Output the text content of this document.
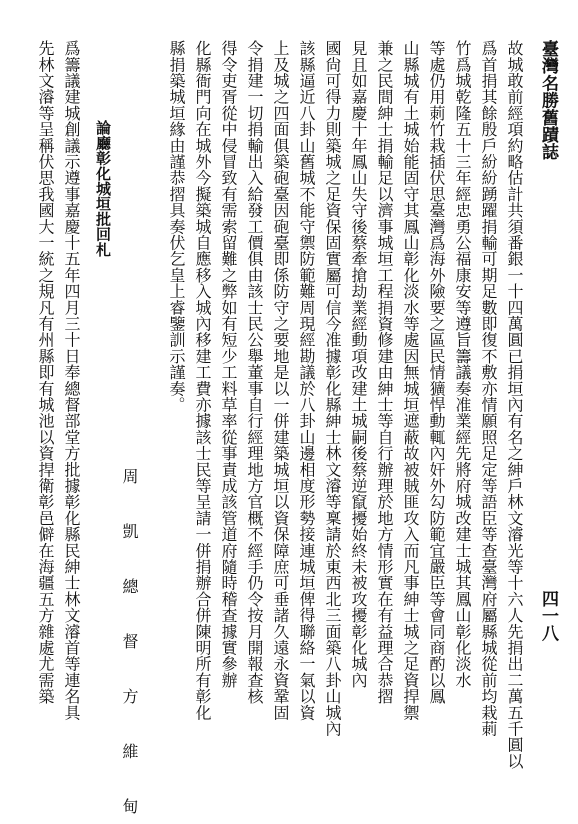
臺灣名勝舊蹟誌
四一八
故城敢前經項約略估計共須番銀一十四萬圓已捐垣內有名之紳戶林文濬光等十六人先捐出二萬五千圓以
爲首捐其餘殷戶紛紛踴躍捐輸可期足數即復不敷亦情願照足定等語臣等查臺灣府屬縣城從前均栽莿
竹爲城乾隆五十三年經忠勇公福康安等遵旨籌議奏准業經先將府城改建士城其鳳山彰化淡水
等處仍用莿竹栽插伏思臺灣爲海外險要之區民情獷悍動輒內奸外勾防範宜嚴臣等會同商酌以鳳
山縣城有土城始能固守其鳳山彰化淡水等處因無城垣遮蔽故被賊匪攻入而凡事紳士城之足資捍禦
兼之民間紳士捐輸足以濟事城垣工程捐資修建由紳士等自行辦理於地方情形實在有益理合恭摺
見且如嘉慶十年鳳山失守後蔡牽搶劫業經動項改建土城嗣後蔡逆竄擾始終未被攻擾彰化城內
國尙可得力則築城之足資保固實屬可信今准據彰化縣紳士林文濬等稟請於東西北三面築八卦山城內
該縣逼近八卦山舊城不能守禦防範難周現經勘議於八卦山邊相度形勢接連城垣俾得聯絡一氣以資
上及城之四面俱築砲臺因砲臺即係防守之要地是以一併建築城垣以資保障庶可垂諸久遠永資鞏固
令捐建一切捐輸出入給發工價俱由該士民公舉董事自行經理地方官概不經手仍令按月開報查核
得令吏胥從中侵冒致有需索留難之弊如有短少工料草率從事責成該管道府隨時稽查據實參辦
化縣衙門向在城外今擬築城自應移入城內移建工費亦據該士民等呈請一併捐辦合併陳明所有彰化
縣捐築城垣緣由謹恭摺具奏伏乞皇上睿鑒訓示謹奏。
周 凱 總 督 方 維 甸
論廳彰化城垣批回札
爲籌議建城創議示遵事嘉慶十五年四月三十日奉總督部堂方批據彰化縣民紳士林文濬首等連名具
先林文濬等呈稱伏思我國大一統之規凡有州縣即有城池以資捍衛彰邑僻在海疆五方雜處尤需築
